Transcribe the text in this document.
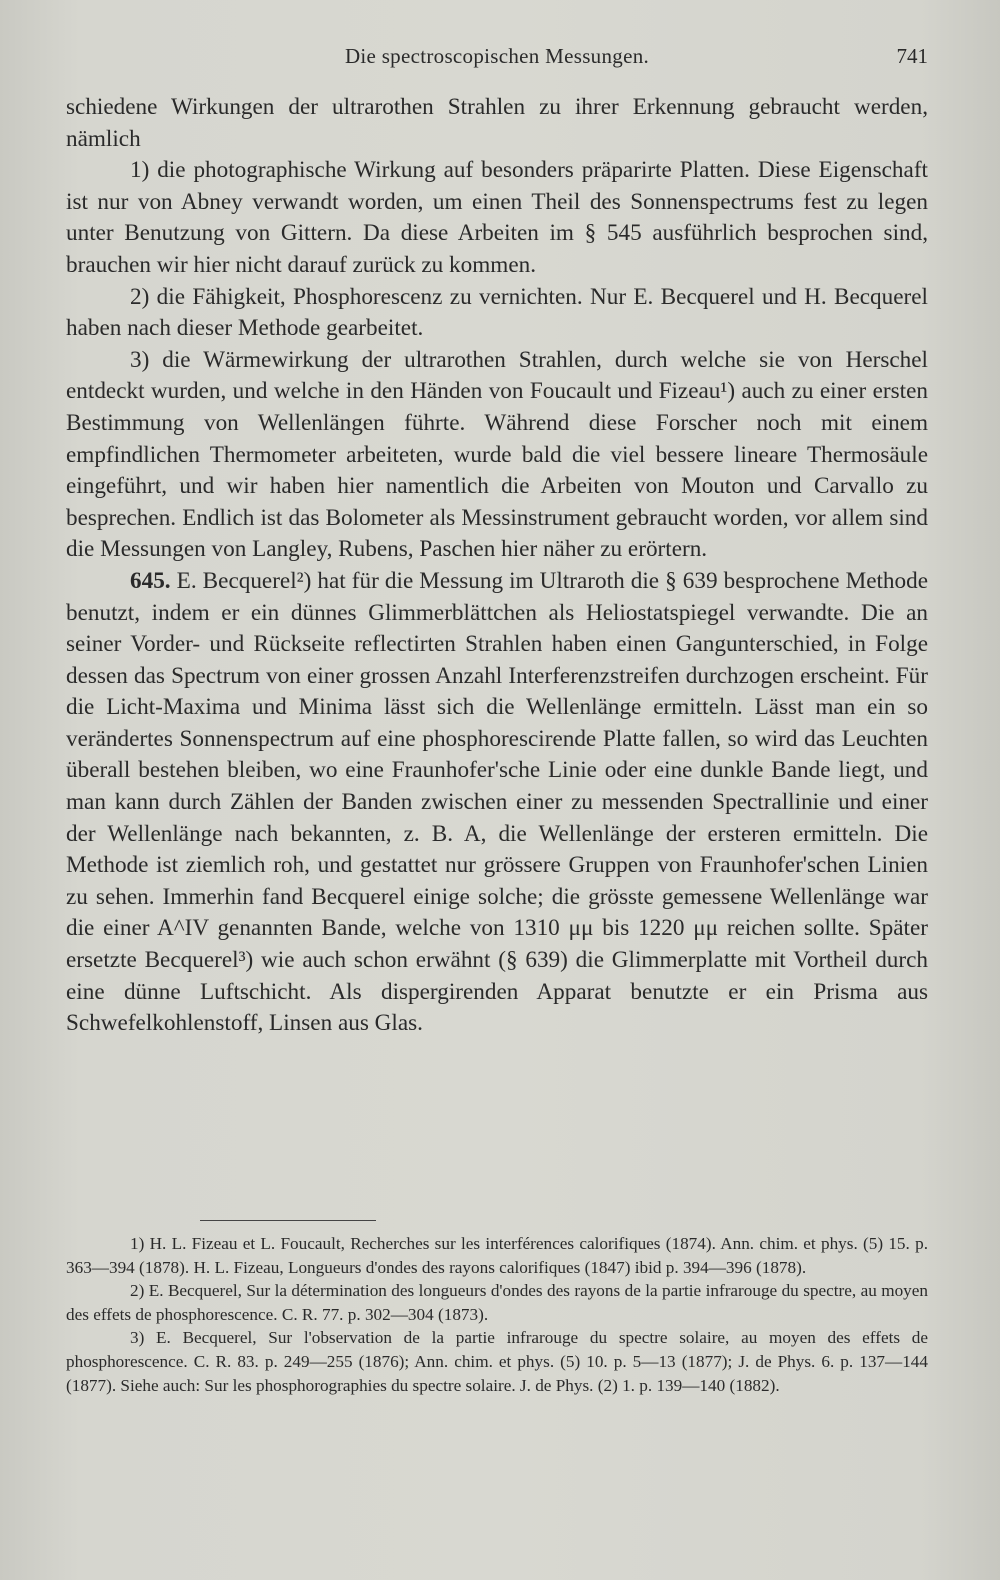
Die spectroscopischen Messungen.	741

schiedene Wirkungen der ultrarothen Strahlen zu ihrer Erkennung gebraucht werden, nämlich

1) die photographische Wirkung auf besonders präparirte Platten. Diese Eigenschaft ist nur von Abney verwandt worden, um einen Theil des Sonnenspectrums fest zu legen unter Benutzung von Gittern. Da diese Arbeiten im § 545 ausführlich besprochen sind, brauchen wir hier nicht darauf zurück zu kommen.

2) die Fähigkeit, Phosphorescenz zu vernichten. Nur E. Becquerel und H. Becquerel haben nach dieser Methode gearbeitet.

3) die Wärmewirkung der ultrarothen Strahlen, durch welche sie von Herschel entdeckt wurden, und welche in den Händen von Foucault und Fizeau¹) auch zu einer ersten Bestimmung von Wellenlängen führte. Während diese Forscher noch mit einem empfindlichen Thermometer arbeiteten, wurde bald die viel bessere lineare Thermosäule eingeführt, und wir haben hier namentlich die Arbeiten von Mouton und Carvallo zu besprechen. Endlich ist das Bolometer als Messinstrument gebraucht worden, vor allem sind die Messungen von Langley, Rubens, Paschen hier näher zu erörtern.

645. E. Becquerel²) hat für die Messung im Ultraroth die § 639 besprochene Methode benutzt, indem er ein dünnes Glimmerblättchen als Heliostatspiegel verwandte. Die an seiner Vorder- und Rückseite reflectirten Strahlen haben einen Gangunterschied, in Folge dessen das Spectrum von einer grossen Anzahl Interferenzstreifen durchzogen erscheint. Für die Licht-Maxima und Minima lässt sich die Wellenlänge ermitteln. Lässt man ein so verändertes Sonnenspectrum auf eine phosphorescirende Platte fallen, so wird das Leuchten überall bestehen bleiben, wo eine Fraunhofer'sche Linie oder eine dunkle Bande liegt, und man kann durch Zählen der Banden zwischen einer zu messenden Spectrallinie und einer der Wellenlänge nach bekannten, z. B. A, die Wellenlänge der ersteren ermitteln. Die Methode ist ziemlich roh, und gestattet nur grössere Gruppen von Fraunhofer'schen Linien zu sehen. Immerhin fand Becquerel einige solche; die grösste gemessene Wellenlänge war die einer A^IV genannten Bande, welche von 1310 μμ bis 1220 μμ reichen sollte. Später ersetzte Becquerel³) wie auch schon erwähnt (§ 639) die Glimmerplatte mit Vortheil durch eine dünne Luftschicht. Als dispergirenden Apparat benutzte er ein Prisma aus Schwefelkohlenstoff, Linsen aus Glas.

1) H. L. Fizeau et L. Foucault, Recherches sur les interférences calorifiques (1874). Ann. chim. et phys. (5) 15. p. 363—394 (1878). H. L. Fizeau, Longueurs d'ondes des rayons calorifiques (1847) ibid p. 394—396 (1878).

2) E. Becquerel, Sur la détermination des longueurs d'ondes des rayons de la partie infrarouge du spectre, au moyen des effets de phosphorescence. C. R. 77. p. 302—304 (1873).

3) E. Becquerel, Sur l'observation de la partie infrarouge du spectre solaire, au moyen des effets de phosphorescence. C. R. 83. p. 249—255 (1876); Ann. chim. et phys. (5) 10. p. 5—13 (1877); J. de Phys. 6. p. 137—144 (1877). Siehe auch: Sur les phosphorographies du spectre solaire. J. de Phys. (2) 1. p. 139—140 (1882).
